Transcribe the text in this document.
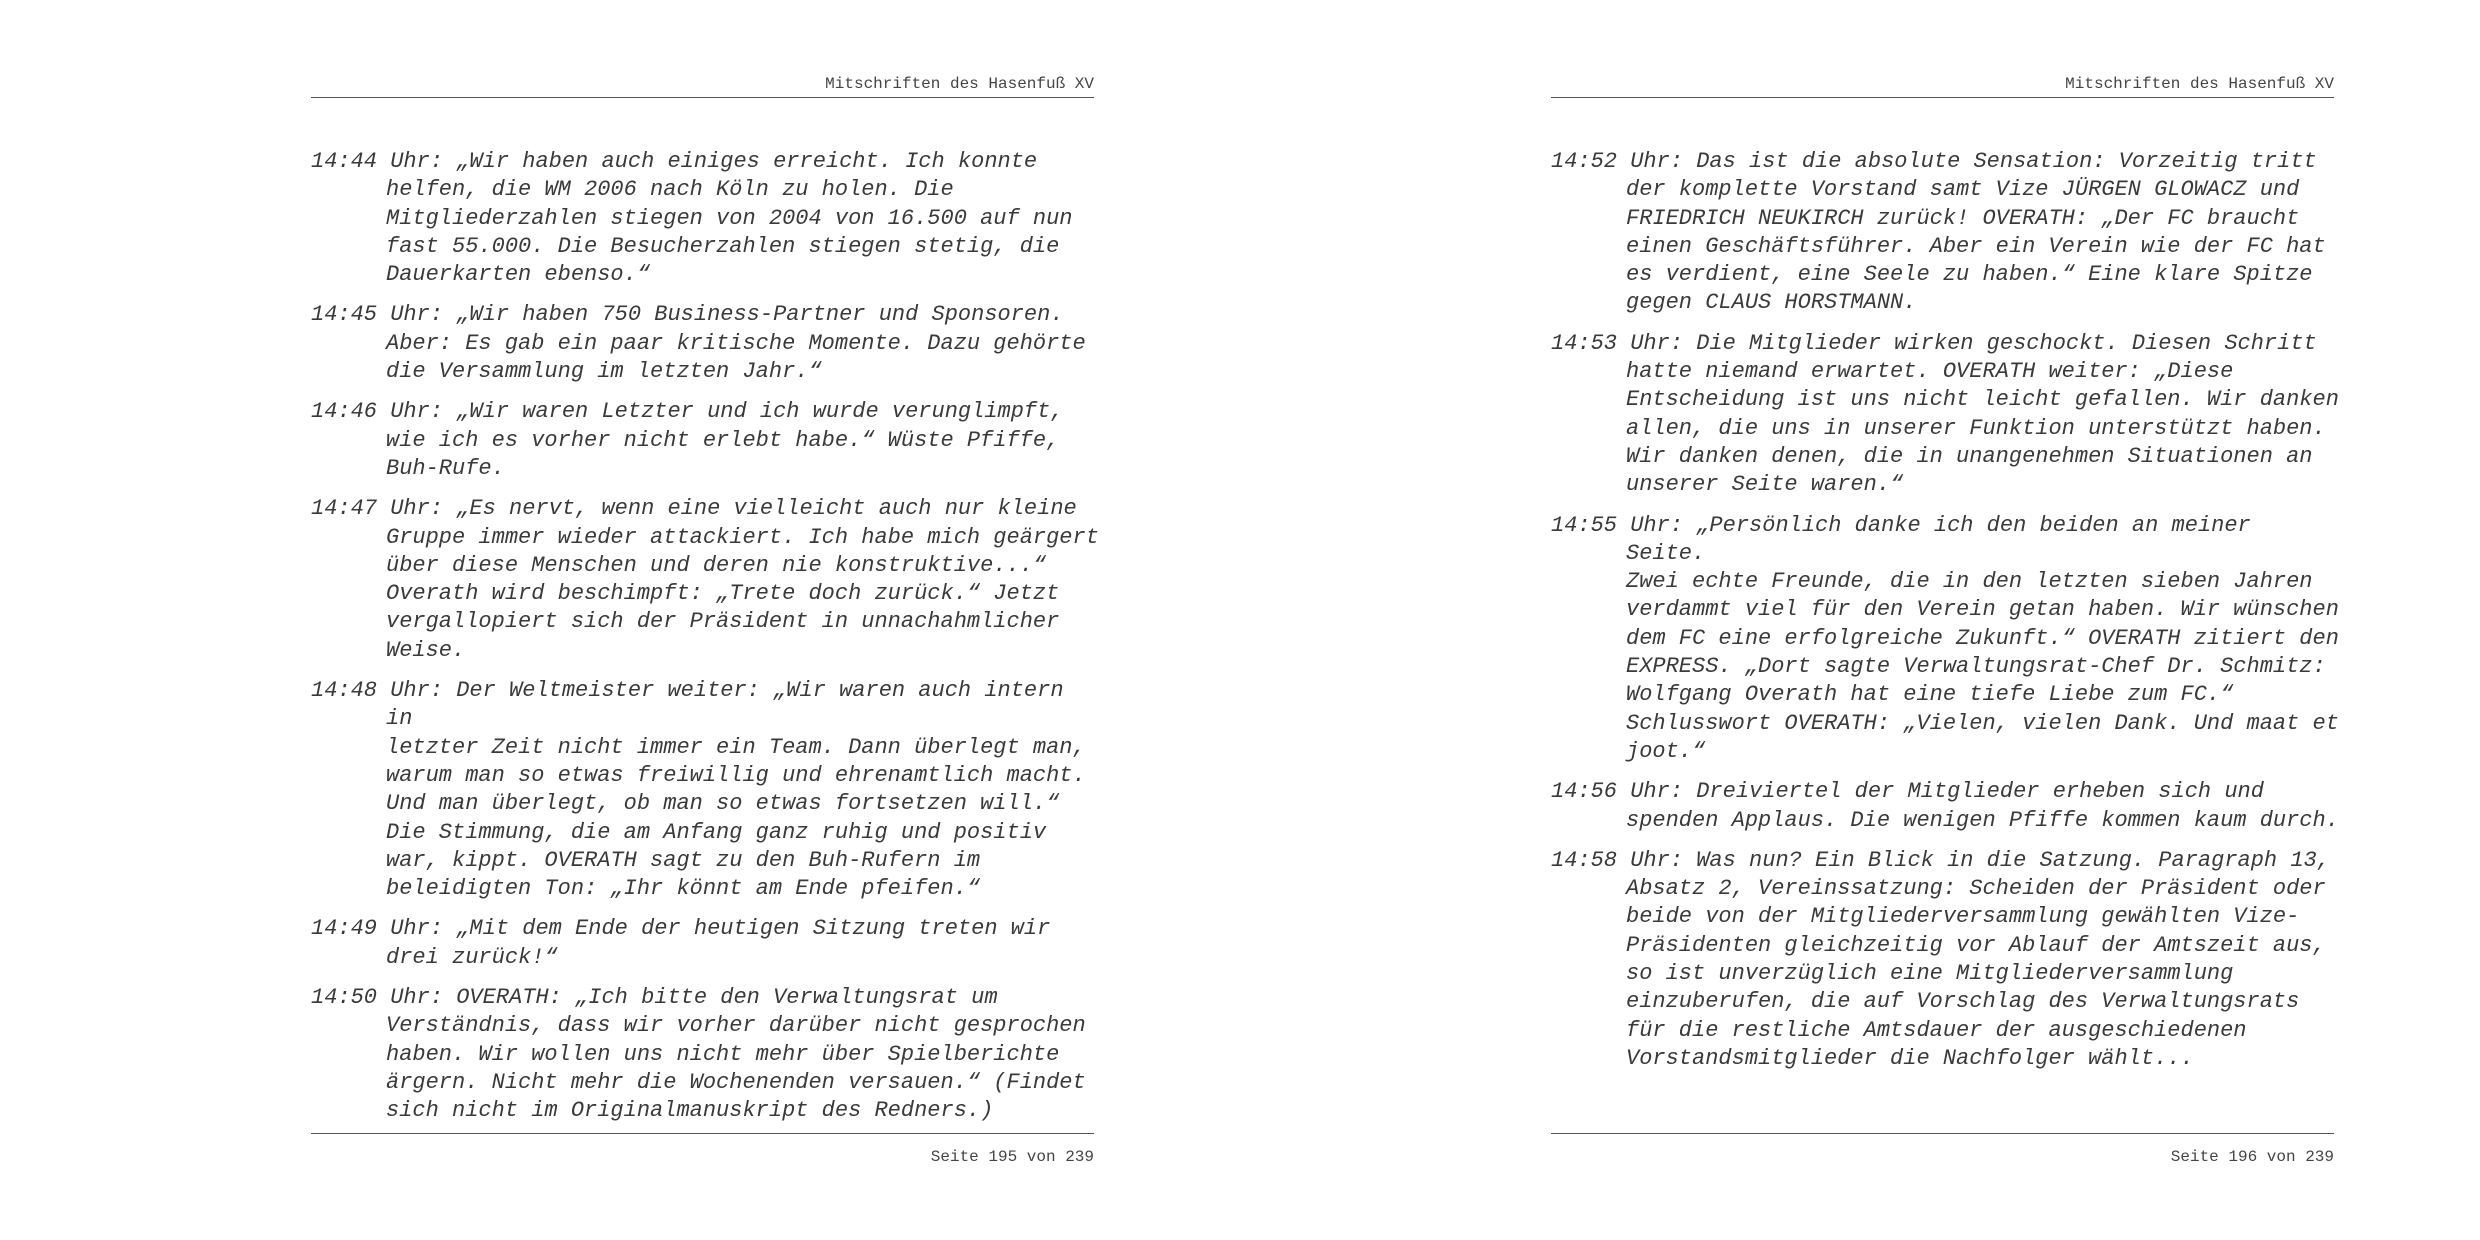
Mitschriften des Hasenfuß XV

14:44 Uhr: „Wir haben auch einiges erreicht. Ich konnte
helfen, die WM 2006 nach Köln zu holen. Die
Mitgliederzahlen stiegen von 2004 von 16.500 auf nun
fast 55.000. Die Besucherzahlen stiegen stetig, die
Dauerkarten ebenso.“

14:45 Uhr: „Wir haben 750 Business-Partner und Sponsoren.
Aber: Es gab ein paar kritische Momente. Dazu gehörte
die Versammlung im letzten Jahr.“

14:46 Uhr: „Wir waren Letzter und ich wurde verunglimpft,
wie ich es vorher nicht erlebt habe.“ Wüste Pfiffe,
Buh-Rufe.

14:47 Uhr: „Es nervt, wenn eine vielleicht auch nur kleine
Gruppe immer wieder attackiert. Ich habe mich geärgert
über diese Menschen und deren nie konstruktive...“
Overath wird beschimpft: „Trete doch zurück.“ Jetzt
vergallopiert sich der Präsident in unnachahmlicher
Weise.

14:48 Uhr: Der Weltmeister weiter: „Wir waren auch intern in
letzter Zeit nicht immer ein Team. Dann überlegt man,
warum man so etwas freiwillig und ehrenamtlich macht.
Und man überlegt, ob man so etwas fortsetzen will.“
Die Stimmung, die am Anfang ganz ruhig und positiv
war, kippt. OVERATH sagt zu den Buh-Rufern im
beleidigten Ton: „Ihr könnt am Ende pfeifen.“

14:49 Uhr: „Mit dem Ende der heutigen Sitzung treten wir
drei zurück!“

14:50 Uhr: OVERATH: „Ich bitte den Verwaltungsrat um
Verständnis, dass wir vorher darüber nicht gesprochen
haben. Wir wollen uns nicht mehr über Spielberichte
ärgern. Nicht mehr die Wochenenden versauen.“ (Findet
sich nicht im Originalmanuskript des Redners.)

Seite 195 von 239
Mitschriften des Hasenfuß XV

14:52 Uhr: Das ist die absolute Sensation: Vorzeitig tritt
der komplette Vorstand samt Vize JÜRGEN GLOWACZ und
FRIEDRICH NEUKIRCH zurück! OVERATH: „Der FC braucht
einen Geschäftsführer. Aber ein Verein wie der FC hat
es verdient, eine Seele zu haben.“ Eine klare Spitze
gegen CLAUS HORSTMANN.

14:53 Uhr: Die Mitglieder wirken geschockt. Diesen Schritt
hatte niemand erwartet. OVERATH weiter: „Diese
Entscheidung ist uns nicht leicht gefallen. Wir danken
allen, die uns in unserer Funktion unterstützt haben.
Wir danken denen, die in unangenehmen Situationen an
unserer Seite waren.“

14:55 Uhr: „Persönlich danke ich den beiden an meiner Seite.
Zwei echte Freunde, die in den letzten sieben Jahren
verdammt viel für den Verein getan haben. Wir wünschen
dem FC eine erfolgreiche Zukunft.“ OVERATH zitiert den
EXPRESS. „Dort sagte Verwaltungsrat-Chef Dr. Schmitz:
Wolfgang Overath hat eine tiefe Liebe zum FC.“
Schlusswort OVERATH: „Vielen, vielen Dank. Und maat et
joot.“

14:56 Uhr: Dreiviertel der Mitglieder erheben sich und
spenden Applaus. Die wenigen Pfiffe kommen kaum durch.

14:58 Uhr: Was nun? Ein Blick in die Satzung. Paragraph 13,
Absatz 2, Vereinssatzung: Scheiden der Präsident oder
beide von der Mitgliederversammlung gewählten Vize-
Präsidenten gleichzeitig vor Ablauf der Amtszeit aus,
so ist unverzüglich eine Mitgliederversammlung
einzuberufen, die auf Vorschlag des Verwaltungsrats
für die restliche Amtsdauer der ausgeschiedenen
Vorstandsmitglieder die Nachfolger wählt...

Seite 196 von 239
